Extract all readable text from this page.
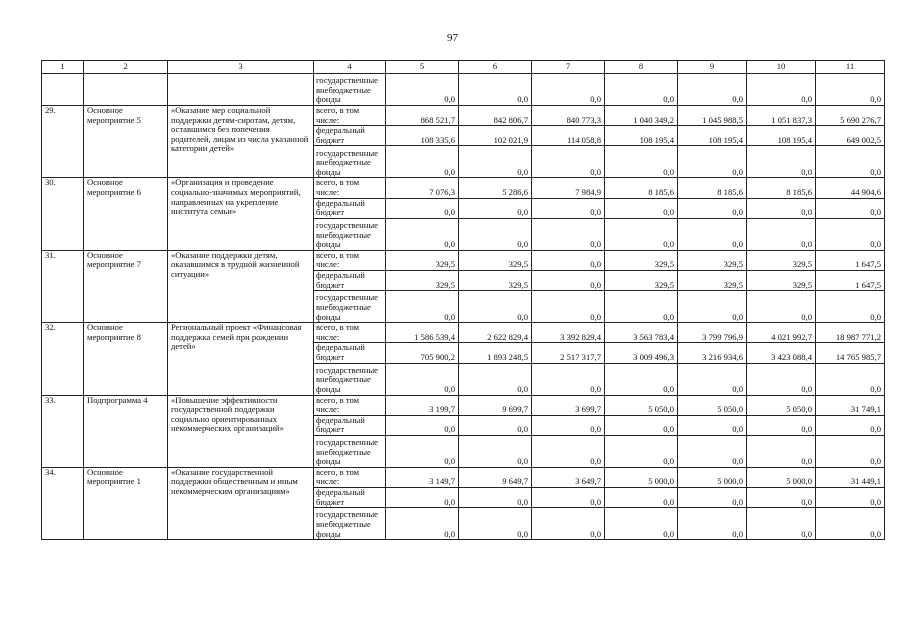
97
1	2	3	4	5	6	7	8	9	10	11
			государственные внебюджетные фонды	0,0	0,0	0,0	0,0	0,0	0,0	0,0
29.	Основное мероприятие 5	«Оказание мер социальной поддержки детям-сиротам, детям, оставшимся без попечения родителей, лицам из числа указанной категории детей»	всего, в том числе:	868 521,7	842 806,7	840 773,3	1 040 349,2	1 045 988,5	1 051 837,3	5 690 276,7
			федеральный бюджет	108 335,6	102 021,9	114 058,8	108 195,4	108 195,4	108 195,4	649 002,5
			государственные внебюджетные фонды	0,0	0,0	0,0	0,0	0,0	0,0	0,0
30.	Основное мероприятие 6	«Организация и проведение социально-значимых мероприятий, направленных на укрепление института семьи»	всего, в том числе:	7 076,3	5 286,6	7 984,9	8 185,6	8 185,6	8 185,6	44 904,6
			федеральный бюджет	0,0	0,0	0,0	0,0	0,0	0,0	0,0
			государственные внебюджетные фонды	0,0	0,0	0,0	0,0	0,0	0,0	0,0
31.	Основное мероприятие 7	«Оказание поддержки детям, оказавшимся в трудной жизненной ситуации»	всего, в том числе:	329,5	329,5	0,0	329,5	329,5	329,5	1 647,5
			федеральный бюджет	329,5	329,5	0,0	329,5	329,5	329,5	1 647,5
			государственные внебюджетные фонды	0,0	0,0	0,0	0,0	0,0	0,0	0,0
32.	Основное мероприятие 8	Региональный проект «Финансовая поддержка семей при рождении детей»	всего, в том числе:	1 586 539,4	2 622 829,4	3 392 829,4	3 563 783,4	3 799 796,9	4 021 992,7	18 987 771,2
			федеральный бюджет	705 900,2	1 893 248,5	2 517 317,7	3 009 496,3	3 216 934,6	3 423 088,4	14 765 985,7
			государственные внебюджетные фонды	0,0	0,0	0,0	0,0	0,0	0,0	0,0
33.	Подпрограмма 4	«Повышение эффективности государственной поддержки социально ориентированных некоммерческих организаций»	всего, в том числе:	3 199,7	9 699,7	3 699,7	5 050,0	5 050,0	5 050,0	31 749,1
			федеральный бюджет	0,0	0,0	0,0	0,0	0,0	0,0	0,0
			государственные внебюджетные фонды	0,0	0,0	0,0	0,0	0,0	0,0	0,0
34.	Основное мероприятие 1	«Оказание государственной поддержки общественным и иным некоммерческим организациям»	всего, в том числе:	3 149,7	9 649,7	3 649,7	5 000,0	5 000,0	5 000,0	31 449,1
			федеральный бюджет	0,0	0,0	0,0	0,0	0,0	0,0	0,0
			государственные внебюджетные фонды	0,0	0,0	0,0	0,0	0,0	0,0	0,0
